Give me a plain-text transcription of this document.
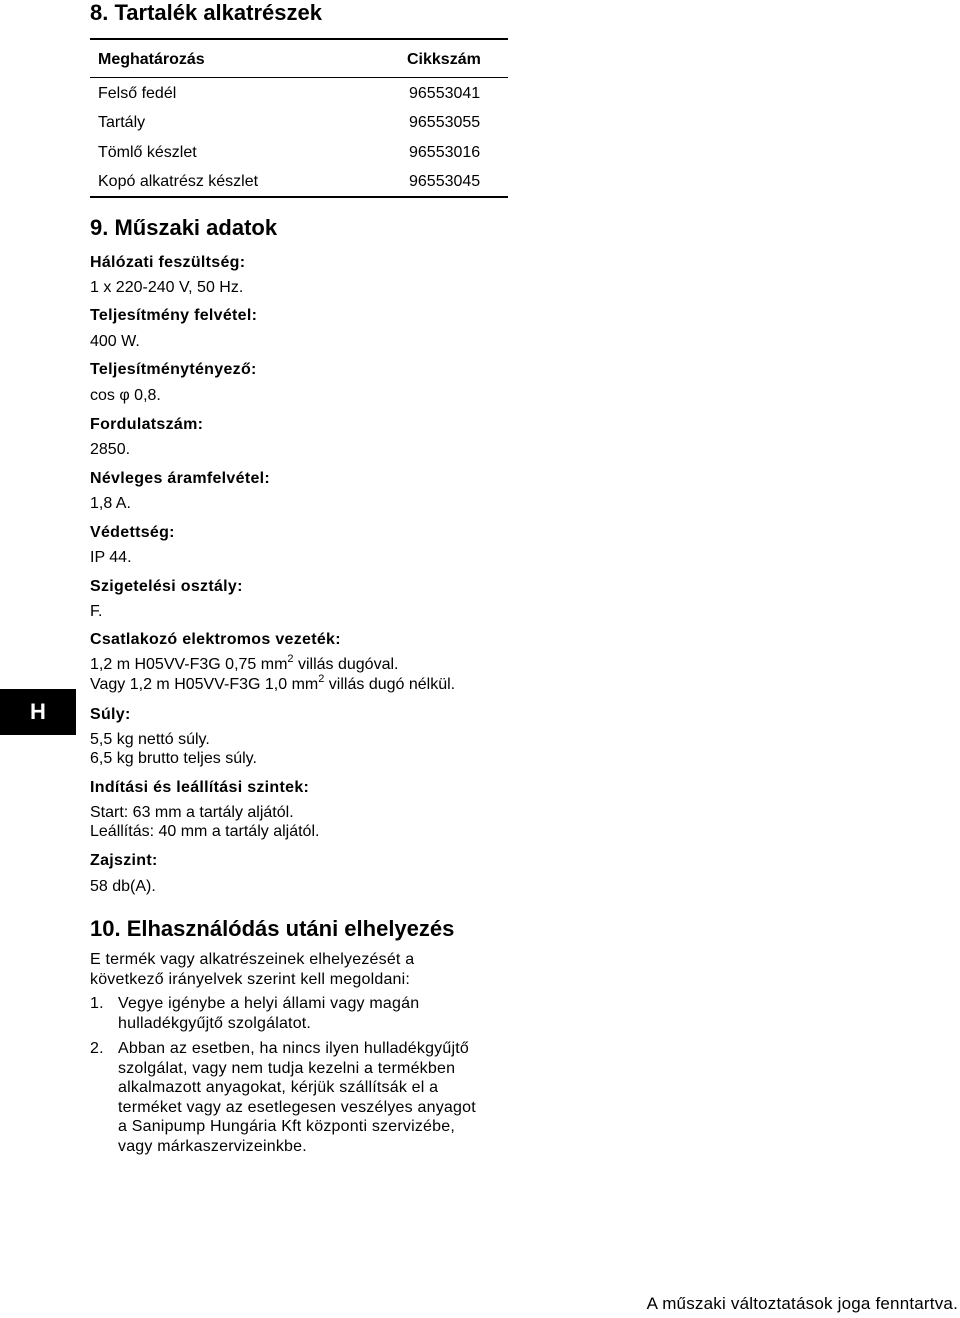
8. Tartalék alkatrészek
Meghatározás	Cikkszám
Felső fedél	96553041
Tartály	96553055
Tömlő készlet	96553016
Kopó alkatrész készlet	96553045
9. Műszaki adatok
Hálózati feszültség:
1 x 220-240 V, 50 Hz.
Teljesítmény felvétel:
400 W.
Teljesítménytényező:
cos φ 0,8.
Fordulatszám:
2850.
Névleges áramfelvétel:
1,8 A.
Védettség:
IP 44.
Szigetelési osztály:
F.
Csatlakozó elektromos vezeték:
1,2 m H05VV-F3G 0,75 $mm^2$ villás dugóval.
Vagy 1,2 m H05VV-F3G 1,0 $mm^2$ villás dugó nélkül.
Súly:
5,5 kg nettó súly.
6,5 kg brutto teljes súly.
Indítási és leállítási szintek:
Start: 63 mm a tartály aljától.
Leállítás: 40 mm a tartály aljától.
Zajszint:
58 db(A).
10. Elhasználódás utáni elhelyezés
E termék vagy alkatrészeinek elhelyezését a
következő irányelvek szerint kell megoldani:
1. Vegye igénybe a helyi állami vagy magán
hulladékgyűjtő szolgálatot.
2. Abban az esetben, ha nincs ilyen hulladékgyűjtő
szolgálat, vagy nem tudja kezelni a termékben
alkalmazott anyagokat, kérjük szállítsák el a
terméket vagy az esetlegesen veszélyes anyagot
a Sanipump Hungária Kft központi szervizébe,
vagy márkaszervizeinkbe.
H
A műszaki változtatások joga fenntartva.
